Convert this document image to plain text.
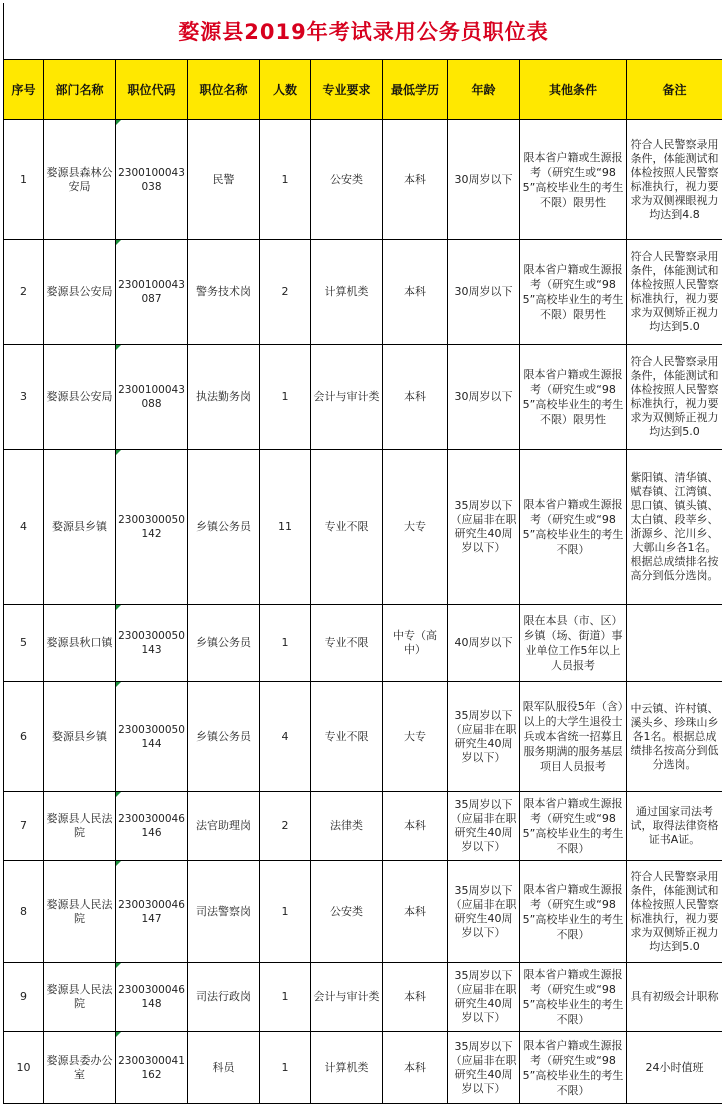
婺源县2019年考试录用公务员职位表
序号	部门名称	职位代码	职位名称	人数	专业要求	最低学历	年龄	其他条件	备注
1	婺源县森林公安局	2300100043038	民警	1	公安类	本科	30周岁以下	限本省户籍或生源报考（研究生或“985”高校毕业生的考生不限）限男性	符合人民警察录用条件，体能测试和体检按照人民警察标准执行，视力要求为双侧裸眼视力均达到4.8
2	婺源县公安局	2300100043087	警务技术岗	2	计算机类	本科	30周岁以下	限本省户籍或生源报考（研究生或“985”高校毕业生的考生不限）限男性	符合人民警察录用条件，体能测试和体检按照人民警察标准执行，视力要求为双侧矫正视力均达到5.0
3	婺源县公安局	2300100043088	执法勤务岗	1	会计与审计类	本科	30周岁以下	限本省户籍或生源报考（研究生或“985”高校毕业生的考生不限）限男性	符合人民警察录用条件，体能测试和体检按照人民警察标准执行，视力要求为双侧矫正视力均达到5.0
4	婺源县乡镇	2300300050142	乡镇公务员	11	专业不限	大专	35周岁以下（应届非在职研究生40周岁以下）	限本省户籍或生源报考（研究生或“985”高校毕业生的考生不限）	紫阳镇、清华镇、赋春镇、江湾镇、思口镇、镇头镇、太白镇、段莘乡、浙源乡、沱川乡、大鄣山乡各1名。根据总成绩排名按高分到低分选岗。
5	婺源县秋口镇	2300300050143	乡镇公务员	1	专业不限	中专（高中）	40周岁以下	限在本县（市、区）乡镇（场、街道）事业单位工作5年以上人员报考	
6	婺源县乡镇	2300300050144	乡镇公务员	4	专业不限	大专	35周岁以下（应届非在职研究生40周岁以下）	限军队服役5年（含）以上的大学生退役士兵或本省统一招募且服务期满的服务基层项目人员报考	中云镇、许村镇、溪头乡、珍珠山乡各1名。根据总成绩排名按高分到低分选岗。
7	婺源县人民法院	2300300046146	法官助理岗	2	法律类	本科	35周岁以下（应届非在职研究生40周岁以下）	限本省户籍或生源报考（研究生或“985”高校毕业生的考生不限）	通过国家司法考试，取得法律资格证书A证。
8	婺源县人民法院	2300300046147	司法警察岗	1	公安类	本科	35周岁以下（应届非在职研究生40周岁以下）	限本省户籍或生源报考（研究生或“985”高校毕业生的考生不限）	符合人民警察录用条件，体能测试和体检按照人民警察标准执行，视力要求为双侧矫正视力均达到5.0
9	婺源县人民法院	2300300046148	司法行政岗	1	会计与审计类	本科	35周岁以下（应届非在职研究生40周岁以下）	限本省户籍或生源报考（研究生或“985”高校毕业生的考生不限）	具有初级会计职称
10	婺源县委办公室	2300300041162	科员	1	计算机类	本科	35周岁以下（应届非在职研究生40周岁以下）	限本省户籍或生源报考（研究生或“985”高校毕业生的考生不限）	24小时值班
